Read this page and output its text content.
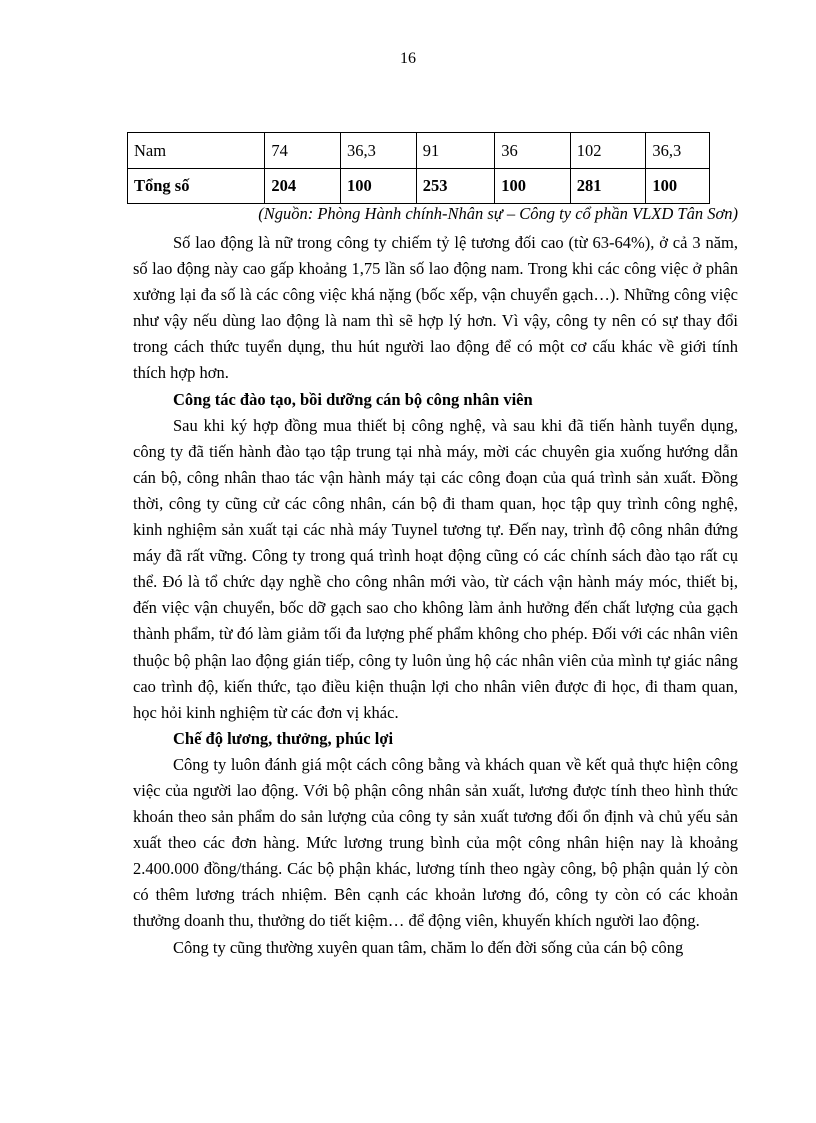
16
Nam	74	36,3	91	36	102	36,3
Tổng số	204	100	253	100	281	100
(Nguồn: Phòng Hành chính-Nhân sự – Công ty cổ phần VLXD Tân Sơn)

Số lao động là nữ trong công ty chiếm tỷ lệ tương đối cao (từ 63-64%), ở cả 3 năm, số lao động này cao gấp khoảng 1,75 lần số lao động nam. Trong khi các công việc ở phân xưởng lại đa số là các công việc khá nặng (bốc xếp, vận chuyển gạch…). Những công việc như vậy nếu dùng lao động là nam thì sẽ hợp lý hơn. Vì vậy, công ty nên có sự thay đổi trong cách thức tuyển dụng, thu hút người lao động để có một cơ cấu khác về giới tính thích hợp hơn.

Công tác đào tạo, bồi dưỡng cán bộ công nhân viên

Sau khi ký hợp đồng mua thiết bị công nghệ, và sau khi đã tiến hành tuyển dụng, công ty đã tiến hành đào tạo tập trung tại nhà máy, mời các chuyên gia xuống hướng dẫn cán bộ, công nhân thao tác vận hành máy tại các công đoạn của quá trình sản xuất. Đồng thời, công ty cũng cử các công nhân, cán bộ đi tham quan, học tập quy trình công nghệ, kinh nghiệm sản xuất tại các nhà máy Tuynel tương tự. Đến nay, trình độ công nhân đứng máy đã rất vững. Công ty trong quá trình hoạt động cũng có các chính sách đào tạo rất cụ thể. Đó là tổ chức dạy nghề cho công nhân mới vào, từ cách vận hành máy móc, thiết bị, đến việc vận chuyển, bốc dỡ gạch sao cho không làm ảnh hưởng đến chất lượng của gạch thành phẩm, từ đó làm giảm tối đa lượng phế phẩm không cho phép. Đối với các nhân viên thuộc bộ phận lao động gián tiếp, công ty luôn ủng hộ các nhân viên của mình tự giác nâng cao trình độ, kiến thức, tạo điều kiện thuận lợi cho nhân viên được đi học, đi tham quan, học hỏi kinh nghiệm từ các đơn vị khác.

Chế độ lương, thưởng, phúc lợi

Công ty luôn đánh giá một cách công bằng và khách quan về kết quả thực hiện công việc của người lao động. Với bộ phận công nhân sản xuất, lương được tính theo hình thức khoán theo sản phẩm do sản lượng của công ty sản xuất tương đối ổn định và chủ yếu sản xuất theo các đơn hàng. Mức lương trung bình của một công nhân hiện nay là khoảng 2.400.000 đồng/tháng. Các bộ phận khác, lương tính theo ngày công, bộ phận quản lý còn có thêm lương trách nhiệm. Bên cạnh các khoản lương đó, công ty còn có các khoản thưởng doanh thu, thưởng do tiết kiệm… để động viên, khuyến khích người lao động.

Công ty cũng thường xuyên quan tâm, chăm lo đến đời sống của cán bộ công
